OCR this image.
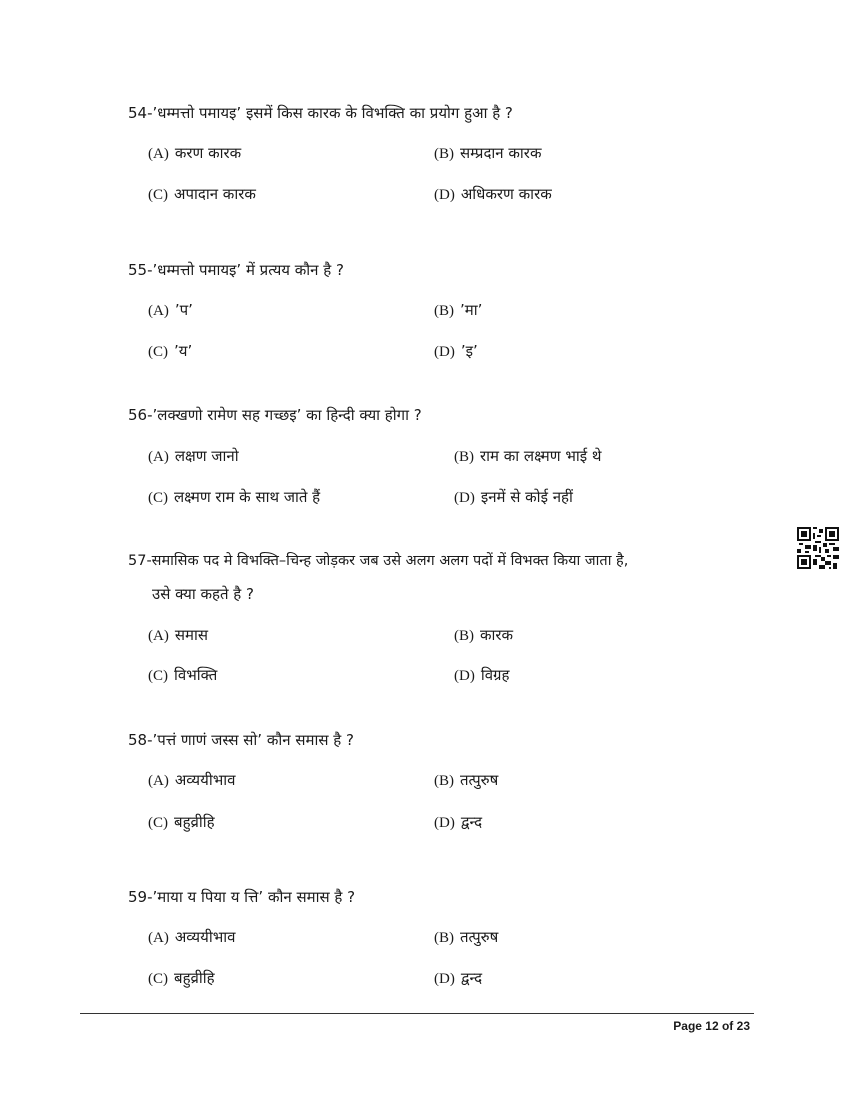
54-’धम्मत्तो पमायइ’ इसमें किस कारक के विभक्ति का प्रयोग हुआ है ?
(A) करण कारक	(B) सम्प्रदान कारक
(C) अपादान कारक	(D) अधिकरण कारक
55-’धम्मत्तो पमायइ’ में प्रत्यय कौन है ?
(A) ’प’	(B) ’मा’
(C) ’य’	(D) ’इ’
56-’लक्खणो रामेण सह गच्छइ’ का हिन्दी क्या होगा ?
(A) लक्षण जानो	(B) राम का लक्ष्मण भाई थे
(C) लक्ष्मण राम के साथ जाते हैं	(D) इनमें से कोई नहीं
57-समासिक पद मे विभक्ति–चिन्ह जोड़कर जब उसे अलग अलग पदों में विभक्त किया जाता है,
उसे क्या कहते है ?
(A) समास	(B) कारक
(C) विभक्ति	(D) विग्रह
58-’पत्तं णाणं जस्स सो’ कौन समास है ?
(A) अव्ययीभाव	(B) तत्पुरुष
(C) बहुव्रीहि	(D) द्वन्द
59-’माया य पिया य त्ति’ कौन समास है ?
(A) अव्ययीभाव	(B) तत्पुरुष
(C) बहुव्रीहि	(D) द्वन्द
Page 12 of 23
